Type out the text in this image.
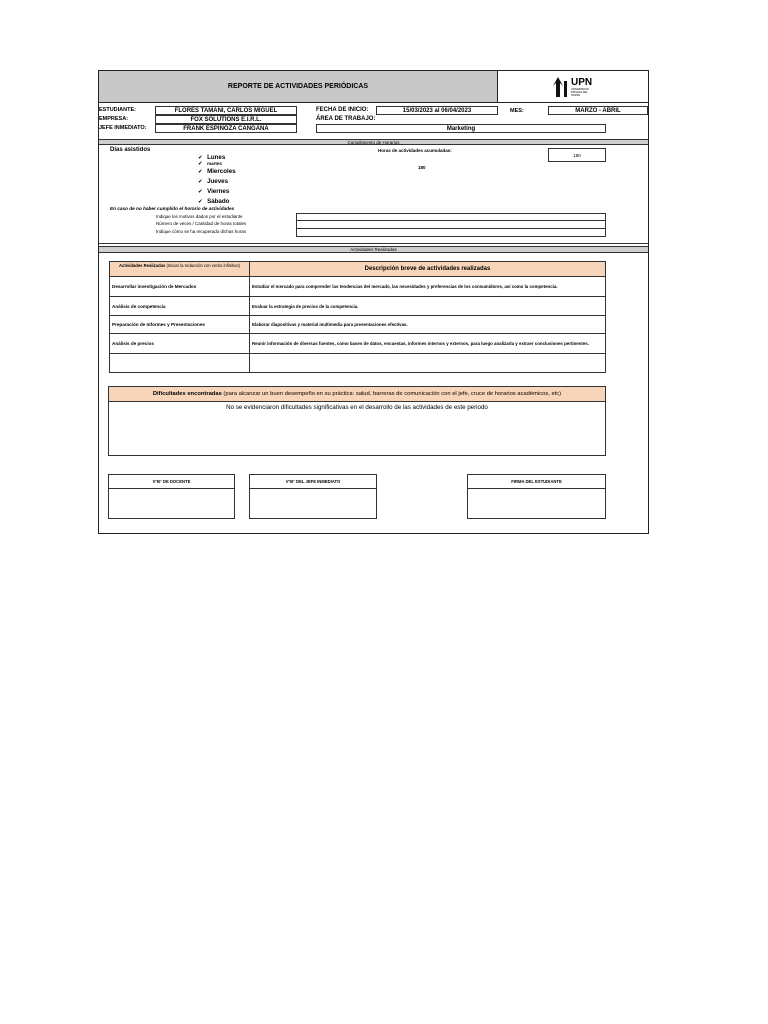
REPORTE DE ACTIVIDADES PERIÓDICAS	UPN
UNIVERSIDAD PRIVADA DEL NORTE
ESTUDIANTE:	FLORES TAMANI, CARLOS MIGUEL
EMPRESA:	FOX SOLUTIONS E.I.R.L.
JEFE INMEDIATO:	FRANK ESPINOZA CANGANA
FECHA DE INICIO:	15/03/2023 al 06/04/2023
ÁREA DE TRABAJO:
Marketing
MES:	MARZO - ABRIL
Cumplimiento de Horarios
Días asistidos
✔ Lunes
✔ martes
✔ Miercoles
✔ Jueves
✔ Viernes
✔ Sábado
Horas de actividades acumuladas:
180
180
En caso de no haber cumplido el horario de actividades
Indique los motivos dados por el estudiante
Número de veces / Cantidad de horas totales
Indique cómo se ha recuperado dichas horas
Actividades Realizadas
Actividades Realizadas (Iniciar la redacción con verbo infinitivo)
Descripción breve de actividades realizadas
Desarrollar investigación de Mercados	Estudiar el mercado para comprender las tendencias del mercado, las necesidades y preferencias de los consumidores, así como la competencia.
Análisis de competencia	Evaluar la estrategia de precios de la competencia.
Preparación de Informes y Presentaciones	Elaborar diapositivas y material multimedia para presentaciones efectivas.
Análisis de precios	Reunir información de diversas fuentes, como bases de datos, encuestas, informes internos y externos, para luego analizarla y extraer conclusiones pertinentes.
Dificultades encontradas
(para alcanzar un buen desempeño en su práctica: salud, barreras de comunicación con el jefe, cruce de horarios académicos, etc)
No se evidenciaron dificultades significativas en el desarrollo de las actividades de este periodo
V°B° DE DOCENTE	V°B° DEL JEFE INMEDIATO	FIRMA DEL ESTUDIANTE
